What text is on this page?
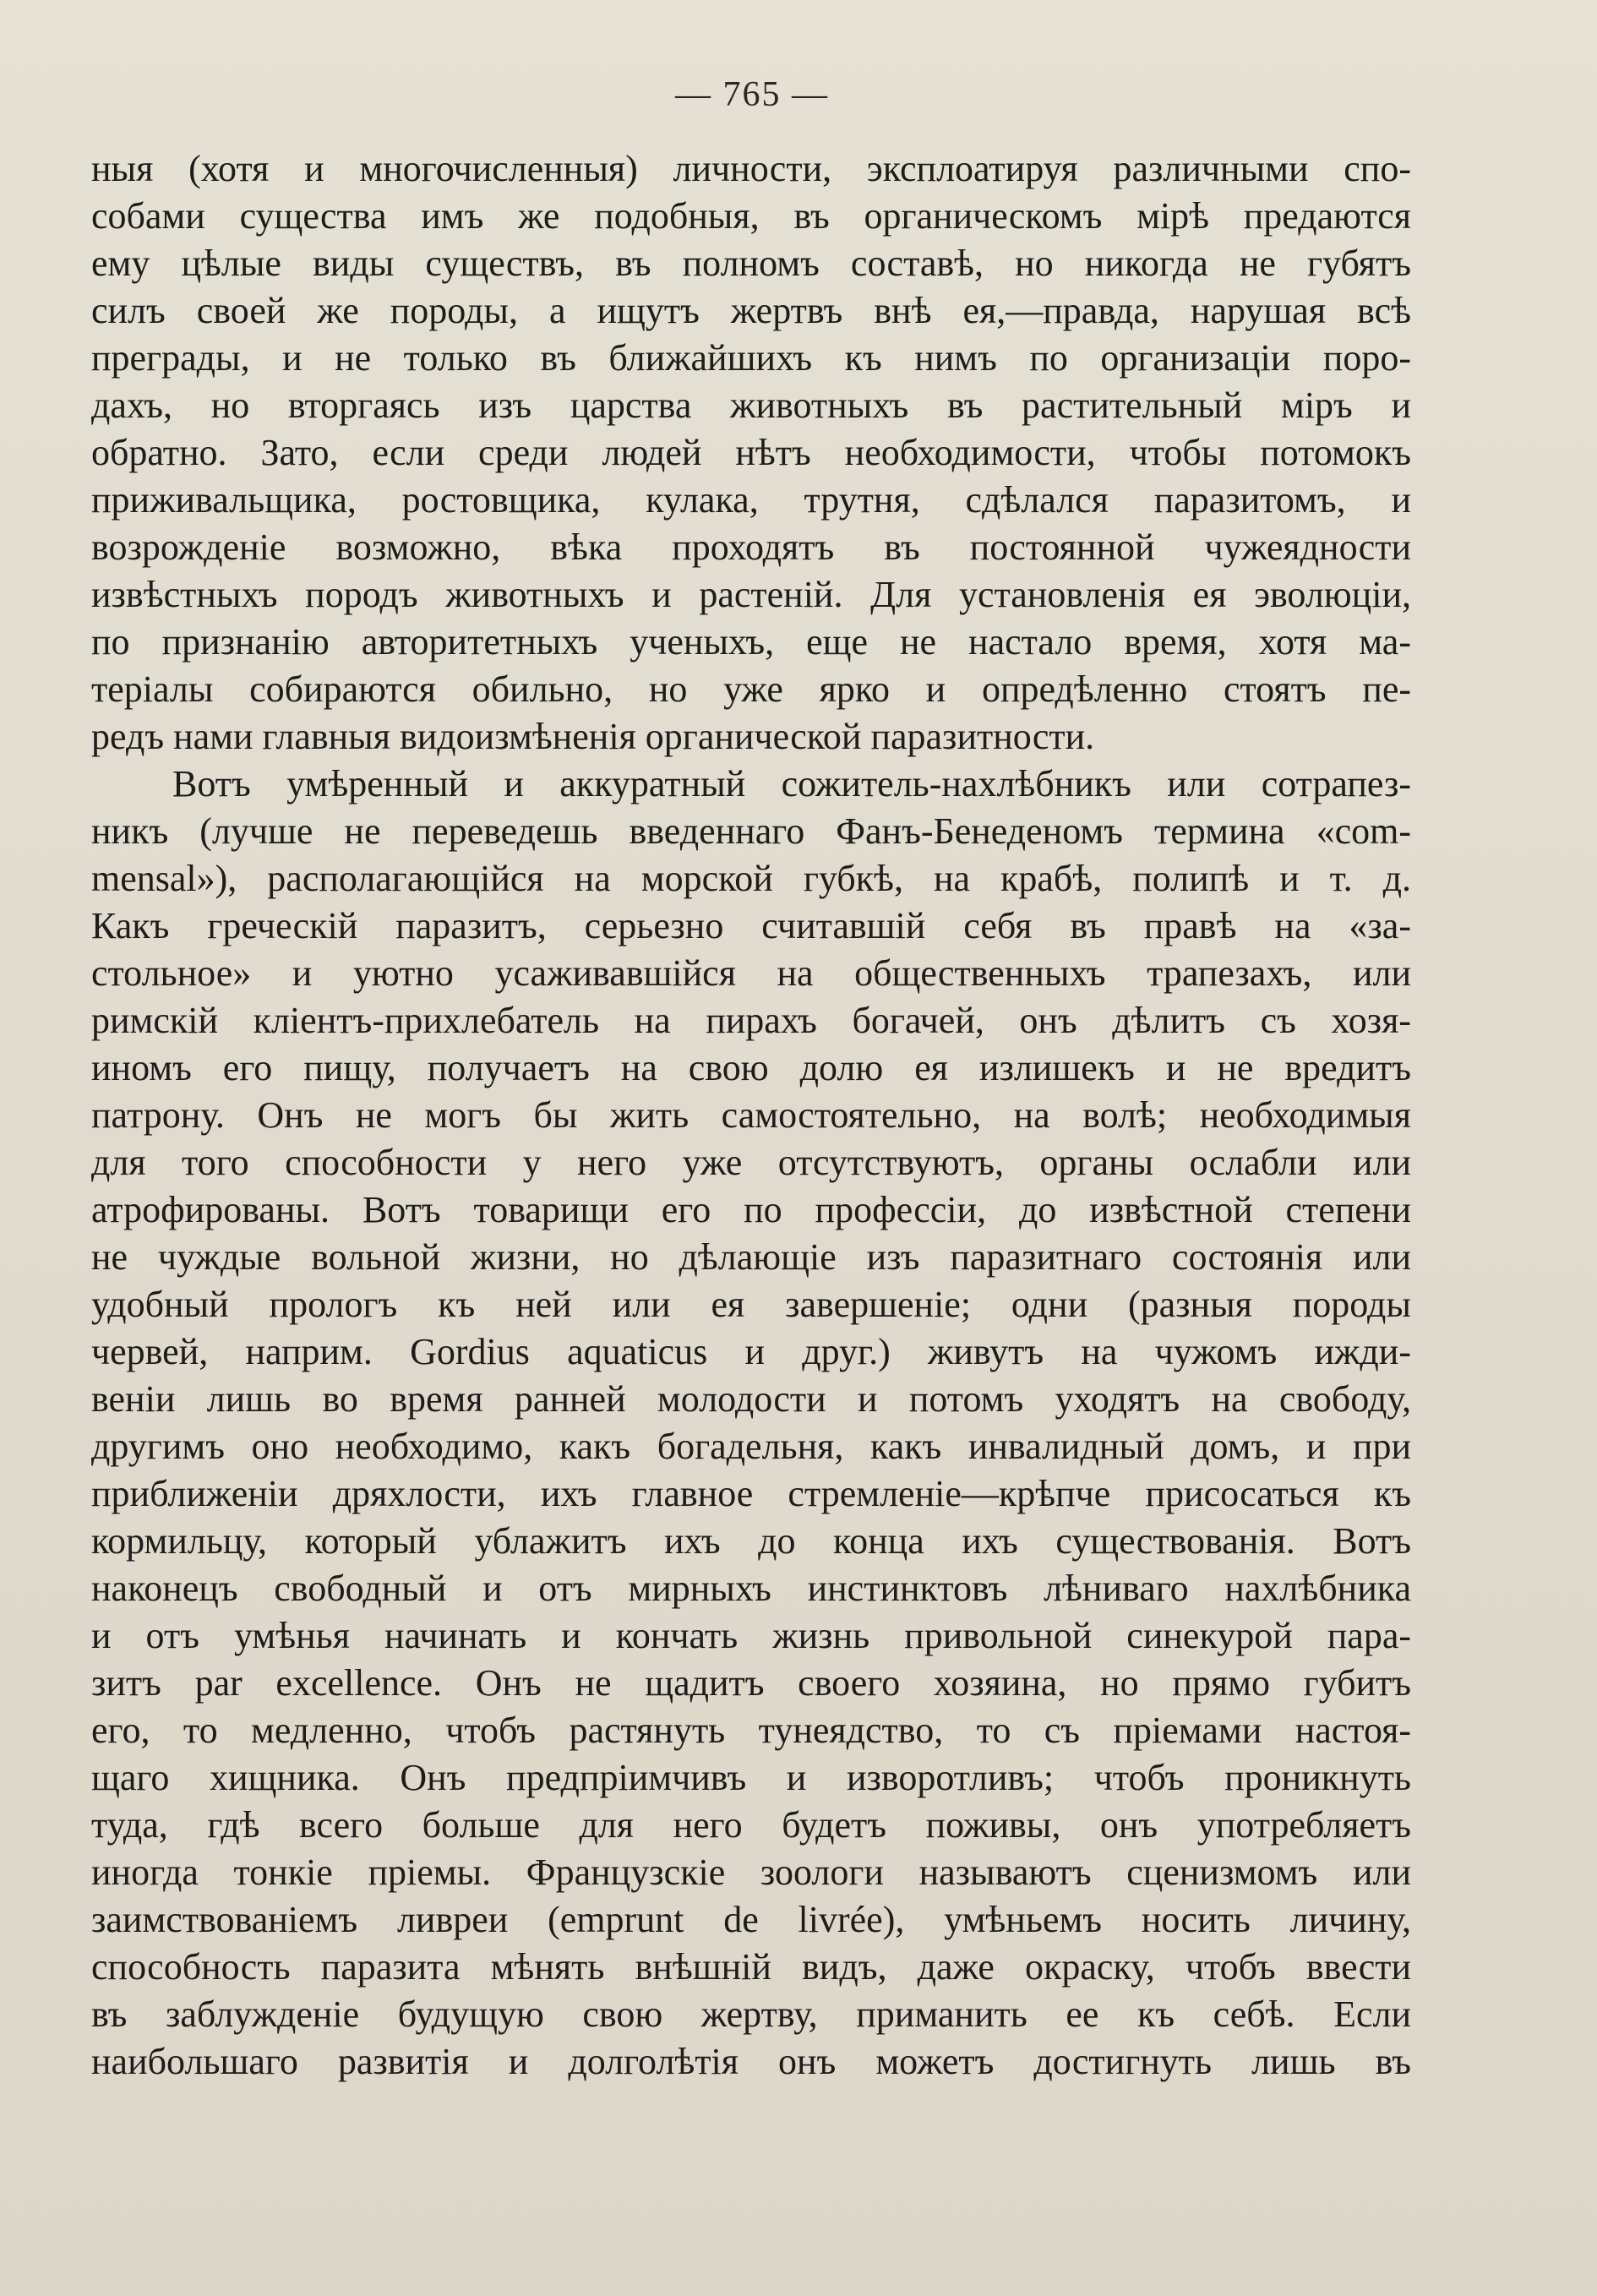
— 765 —
ныя (хотя и многочисленныя) личности, эксплоатируя различными спо-
собами существа имъ же подобныя, въ органическомъ мірѣ предаются
ему цѣлые виды существъ, въ полномъ составѣ, но никогда не губятъ
силъ своей же породы, а ищутъ жертвъ внѣ ея,—правда, нарушая всѣ
преграды, и не только въ ближайшихъ къ нимъ по организаціи поро-
дахъ, но вторгаясь изъ царства животныхъ въ растительный міръ и
обратно. Зато, если среди людей нѣтъ необходимости, чтобы потомокъ
приживальщика, ростовщика, кулака, трутня, сдѣлался паразитомъ, и
возрожденіе возможно, вѣка проходятъ въ постоянной чужеядности
извѣстныхъ породъ животныхъ и растеній. Для установленія ея эволюціи,
по признанію авторитетныхъ ученыхъ, еще не настало время, хотя ма-
теріалы собираются обильно, но уже ярко и опредѣленно стоятъ пе-
редъ нами главныя видоизмѣненія органической паразитности.
Вотъ умѣренный и аккуратный сожитель-нахлѣбникъ или сотрапез-
никъ (лучше не переведешь введеннаго Фанъ-Бенеденомъ термина «com-
mensal»), располагающійся на морской губкѣ, на крабѣ, полипѣ и т. д.
Какъ греческій паразитъ, серьезно считавшій себя въ правѣ на «за-
стольное» и уютно усаживавшійся на общественныхъ трапезахъ, или
римскій кліентъ-прихлебатель на пирахъ богачей, онъ дѣлитъ съ хозя-
иномъ его пищу, получаетъ на свою долю ея излишекъ и не вредитъ
патрону. Онъ не могъ бы жить самостоятельно, на волѣ; необходимыя
для того способности у него уже отсутствуютъ, органы ослабли или
атрофированы. Вотъ товарищи его по профессіи, до извѣстной степени
не чуждые вольной жизни, но дѣлающіе изъ паразитнаго состоянія или
удобный прологъ къ ней или ея завершеніе; одни (разныя породы
червей, наприм. Gordius aquaticus и друг.) живутъ на чужомъ ижди-
веніи лишь во время ранней молодости и потомъ уходятъ на свободу,
другимъ оно необходимо, какъ богадельня, какъ инвалидный домъ, и при
приближеніи дряхлости, ихъ главное стремленіе—крѣпче присосаться къ
кормильцу, который ублажитъ ихъ до конца ихъ существованія. Вотъ
наконецъ свободный и отъ мирныхъ инстинктовъ лѣниваго нахлѣбника
и отъ умѣнья начинать и кончать жизнь привольной синекурой пара-
зитъ par excellence. Онъ не щадитъ своего хозяина, но прямо губитъ
его, то медленно, чтобъ растянуть тунеядство, то съ пріемами настоя-
щаго хищника. Онъ предпріимчивъ и изворотливъ; чтобъ проникнуть
туда, гдѣ всего больше для него будетъ поживы, онъ употребляетъ
иногда тонкіе пріемы. Французскіе зоологи называютъ сценизмомъ или
заимствованіемъ ливреи (emprunt de livrée), умѣньемъ носить личину,
способность паразита мѣнять внѣшній видъ, даже окраску, чтобъ ввести
въ заблужденіе будущую свою жертву, приманить ее къ себѣ. Если
наибольшаго развитія и долголѣтія онъ можетъ достигнуть лишь въ
